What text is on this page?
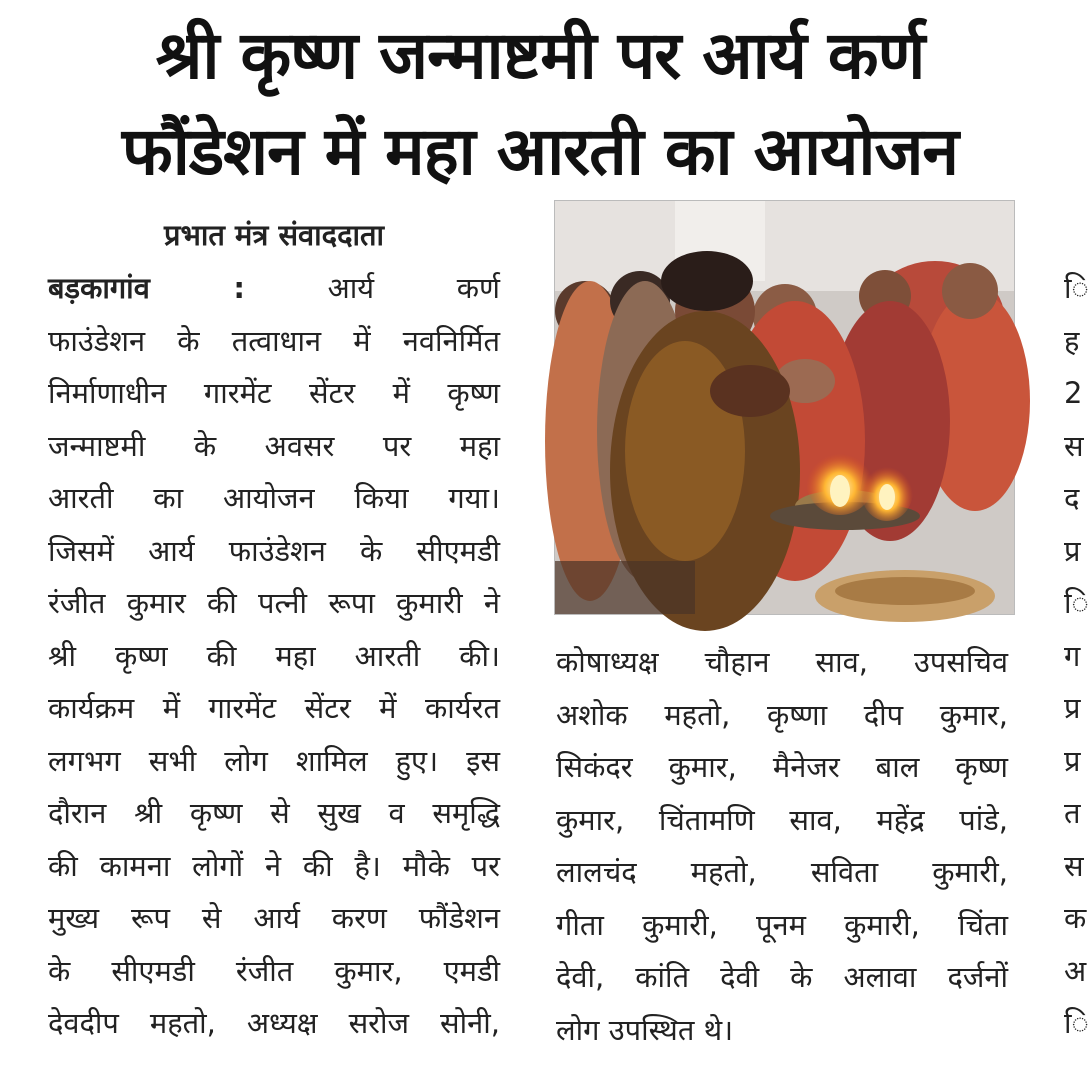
श्री कृष्ण जन्माष्टमी पर आर्य कर्ण
फौंडेशन में महा आरती का आयोजन
प्रभात मंत्र संवाददाता
बड़कागांव : आर्य कर्ण
फाउंडेशन के तत्वाधान में नवनिर्मित
निर्माणाधीन गारमेंट सेंटर में कृष्ण
जन्माष्टमी के अवसर पर महा
आरती का आयोजन किया गया।
जिसमें आर्य फाउंडेशन के सीएमडी
रंजीत कुमार की पत्नी रूपा कुमारी ने
श्री कृष्ण की महा आरती की।
कार्यक्रम में गारमेंट सेंटर में कार्यरत
लगभग सभी लोग शामिल हुए। इस
दौरान श्री कृष्ण से सुख व समृद्धि
की कामना लोगों ने की है। मौके पर
मुख्य रूप से आर्य करण फौंडेशन
के सीएमडी रंजीत कुमार, एमडी
देवदीप महतो, अध्यक्ष सरोज सोनी,
कोषाध्यक्ष चौहान साव, उपसचिव
अशोक महतो, कृष्णा दीप कुमार,
सिकंदर कुमार, मैनेजर बाल कृष्ण
कुमार, चिंतामणि साव, महेंद्र पांडे,
लालचंद महतो, सविता कुमारी,
गीता कुमारी, पूनम कुमारी, चिंता
देवी, कांति देवी के अलावा दर्जनों
लोग उपस्थित थे।
ि
ह
2
स
द
प्र
ि
ग
प्र
प्र
त
स
क
अ
ि
